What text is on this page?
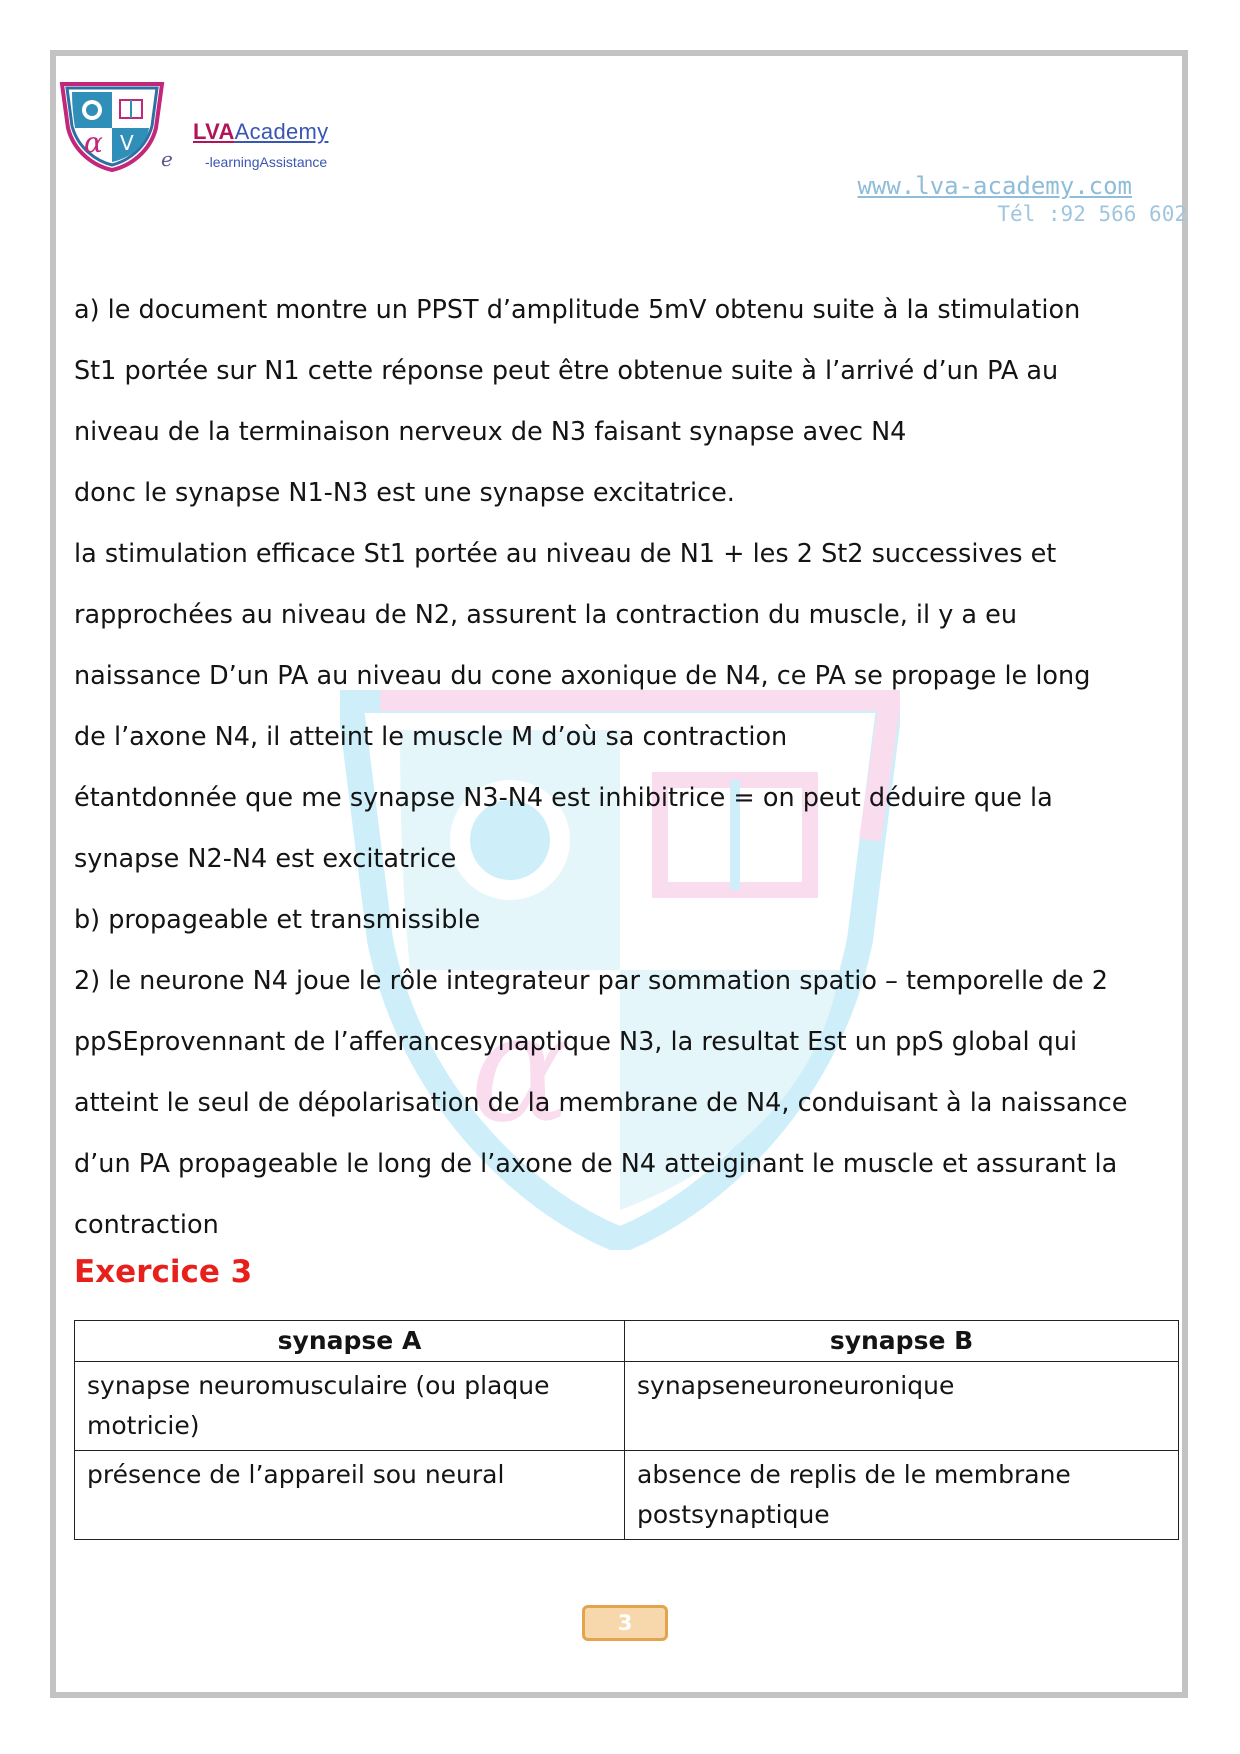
α V	LVAAcademy
e -learningAssistance
www.lva-academy.com
Tél :92 566 602
α

a) le document montre un PPST d’amplitude 5mV obtenu suite à la stimulation

St1 portée sur N1 cette réponse peut être obtenue suite à l’arrivé d’un PA au

niveau de la terminaison nerveux de N3 faisant synapse avec N4

donc le synapse N1-N3 est une synapse excitatrice.

la stimulation efficace St1 portée au niveau de N1 + les 2 St2 successives et

rapprochées au niveau de N2, assurent la contraction du muscle, il y a eu

naissance D’un PA au niveau du cone axonique de N4, ce PA se propage le long

de l’axone N4, il atteint le muscle M d’où sa contraction

étantdonnée que me synapse N3-N4 est inhibitrice = on peut déduire que la

synapse N2-N4 est excitatrice

b) propageable et transmissible

2) le neurone N4 joue le rôle integrateur par sommation spatio – temporelle de 2

ppSEprovennant de l’afferancesynaptique N3, la resultat Est un ppS global qui

atteint le seul de dépolarisation de la membrane de N4, conduisant à la naissance

d’un PA propageable le long de l’axone de N4 atteiginant le muscle et assurant la

contraction

Exercice 3
synapse A	synapse B
synapse neuromusculaire (ou plaque motricie)	synapseneuroneuronique
présence de l’appareil sou neural	absence de replis de le membrane postsynaptique
3
